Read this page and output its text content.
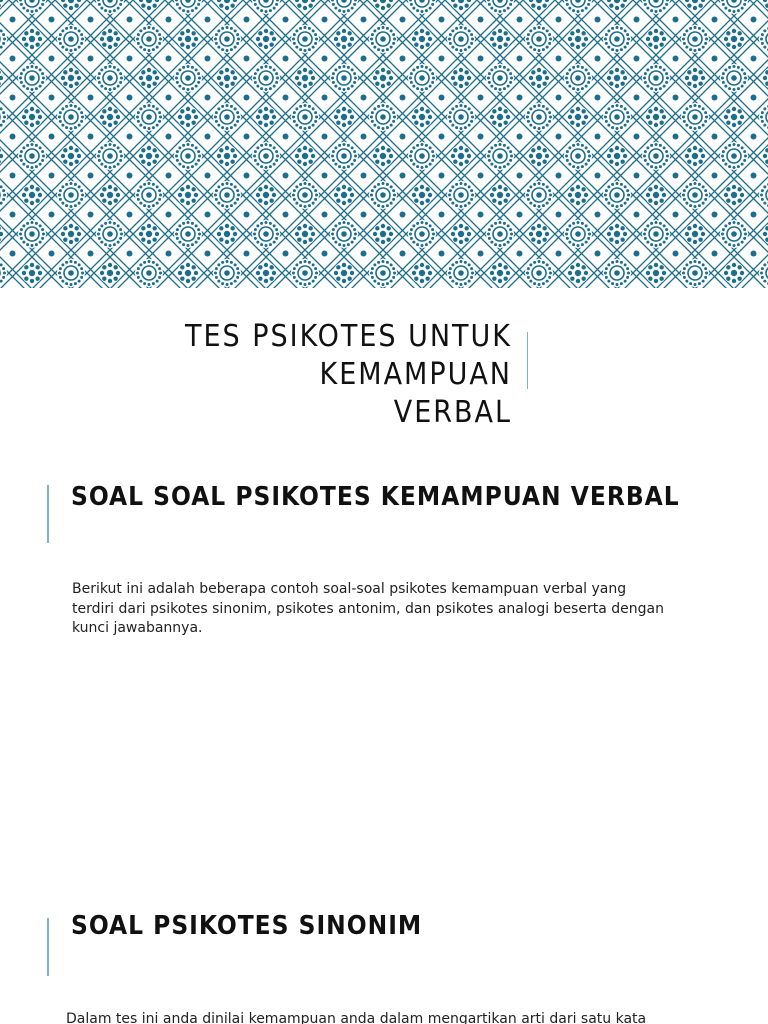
TES PSIKOTES UNTUK KEMAMPUAN
VERBAL
SOAL SOAL PSIKOTES KEMAMPUAN VERBAL
Berikut ini adalah beberapa contoh soal-soal psikotes kemampuan verbal yang terdiri dari psikotes sinonim, psikotes antonim, dan psikotes analogi beserta dengan kunci jawabannya.
SOAL PSIKOTES SINONIM
Dalam tes ini anda dinilai kemampuan anda dalam mengartikan arti dari satu kata
